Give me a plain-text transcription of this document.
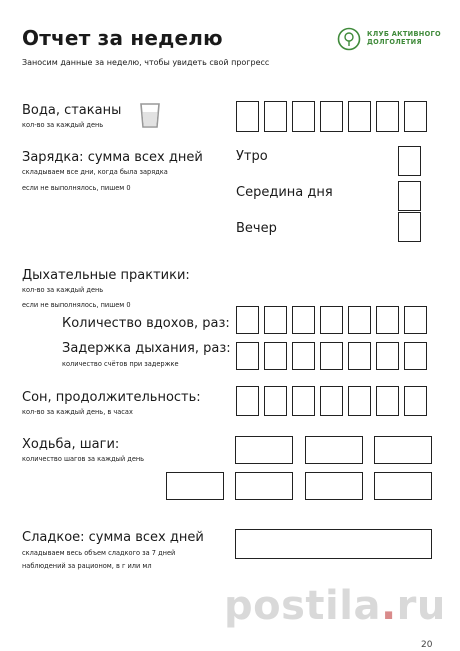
Отчет за неделю
Заносим данные за неделю, чтобы увидеть свой прогресс
КЛУБ АКТИВНОГО
ДОЛГОЛЕТИЯ
Вода, стаканы
кол-во за каждый день
Зарядка: сумма всех дней
складываем все дни, когда была зарядка
если не выполнялось, пишем 0
Утро
Середина дня
Вечер
Дыхательные практики:
кол-во за каждый день
если не выполнялось, пишем 0
Количество вдохов, раз:
Задержка дыхания, раз:
количество счётов при задержке
Сон, продолжительность:
кол-во за каждый день, в часах
Ходьба, шаги:
количество шагов за каждый день
Сладкое: сумма всех дней
складываем весь объем сладкого за 7 дней
наблюдений за рационом, в г или мл
postila.ru
20
